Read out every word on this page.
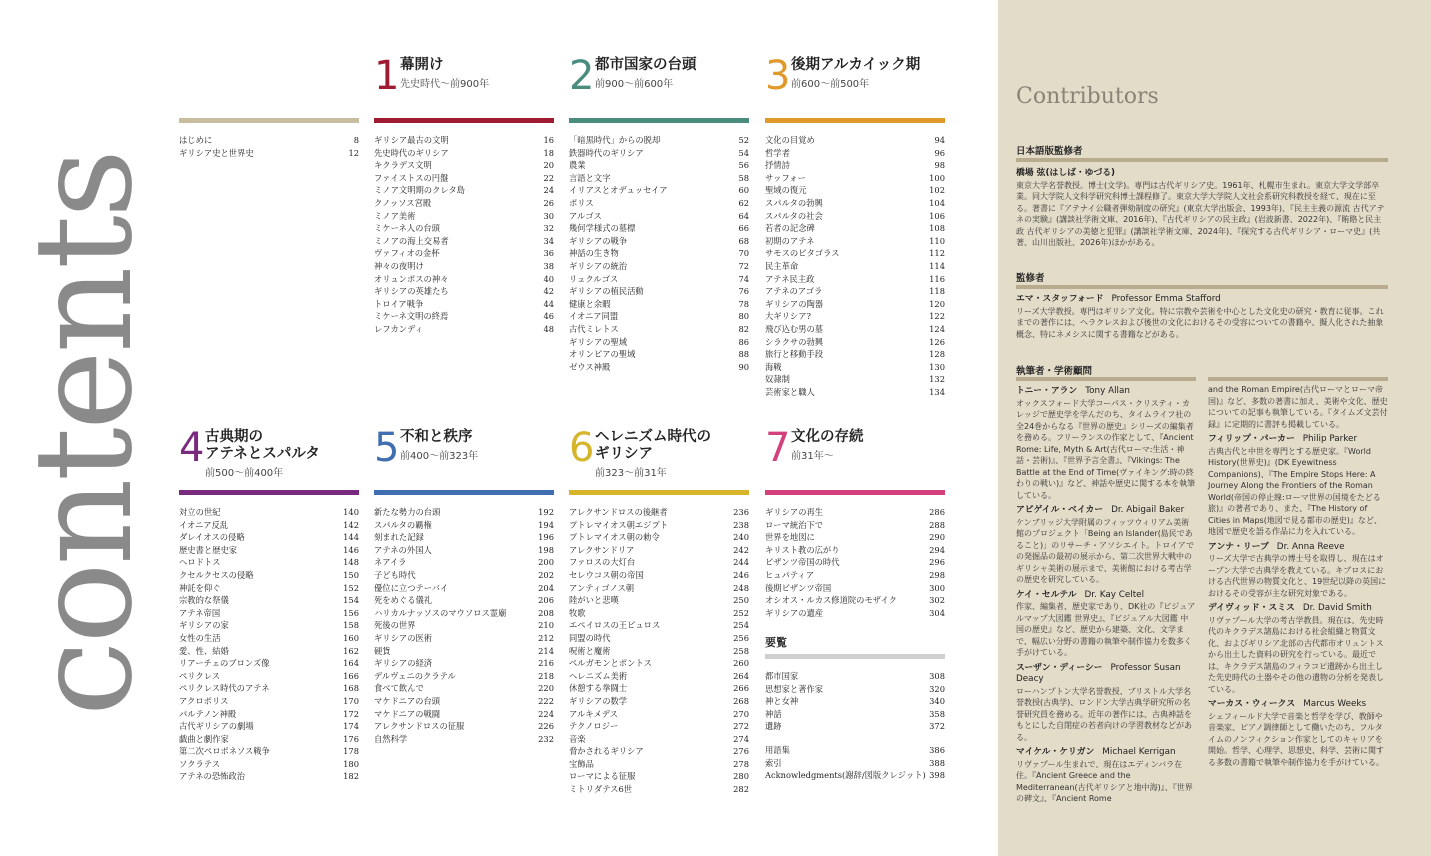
contents
はじめに	8
ギリシア史と世界史	12
1 幕開け
先史時代〜前900年
ギリシア最古の文明	16
先史時代のギリシア	18
キクラデス文明	20
ファイストスの円盤	22
ミノア文明期のクレタ島	24
クノッソス宮殿	26
ミノア美術	30
ミケーネ人の台頭	32
ミノアの海上交易者	34
ヴァフィオの金杯	36
神々の夜明け	38
オリュンポスの神々	40
ギリシアの英雄たち	42
トロイア戦争	44
ミケーネ文明の終焉	46
レフカンディ	48
2 都市国家の台頭
前900〜前600年
「暗黒時代」からの脱却	52
鉄器時代のギリシア	54
農業	56
言語と文字	58
イリアスとオデュッセイア	60
ポリス	62
アルゴス	64
幾何学様式の墓標	66
ギリシアの戦争	68
神話の生き物	70
ギリシアの統治	72
リュクルゴス	74
ギリシアの植民活動	76
健康と余暇	78
イオニア同盟	80
古代ミレトス	82
ギリシアの聖域	86
オリンピアの聖域	88
ゼウス神殿	90
3 後期アルカイック期
前600〜前500年
文化の目覚め	94
哲学者	96
抒情詩	98
サッフォー	100
聖域の復元	102
スパルタの勃興	104
スパルタの社会	106
若者の記念碑	108
初期のアテネ	110
サモスのピタゴラス	112
民主革命	114
アテネ民主政	116
アテネのアゴラ	118
ギリシアの陶器	120
大ギリシア?	122
飛び込む男の墓	124
シラクサの勃興	126
旅行と移動手段	128
海戦	130
奴隷制	132
芸術家と職人	134
4 古典期の
アテネとスパルタ
前500〜前400年
対立の世紀	140
イオニア反乱	142
ダレイオスの侵略	144
歴史書と歴史家	146
ヘロドトス	148
クセルクセスの侵略	150
神託を仰ぐ	152
宗教的な祭儀	154
アテネ帝国	156
ギリシアの家	158
女性の生活	160
愛、性、結婚	162
リアーチェのブロンズ像	164
ペリクレス	166
ペリクレス時代のアテネ	168
アクロポリス	170
パルテノン神殿	172
古代ギリシアの劇場	174
戯曲と劇作家	176
第二次ペロポネソス戦争	178
ソクラテス	180
アテネの恐怖政治	182
5 不和と秩序
前400〜前323年
新たな勢力の台頭	192
スパルタの覇権	194
刻まれた記録	196
アテネの外国人	198
ネアイラ	200
子ども時代	202
優位に立つテーバイ	204
死をめぐる儀礼	206
ハリカルナッソスのマウソロス霊廟	208
死後の世界	210
ギリシアの医術	212
硬貨	214
ギリシアの経済	216
デルヴェニのクラテル	218
食べて飲んで	220
マケドニアの台頭	222
マケドニアの戦闘	224
アレクサンドロスの征服	226
自然科学	232
6 ヘレニズム時代の
ギリシア
前323〜前31年
アレクサンドロスの後継者	236
プトレマイオス朝エジプト	238
プトレマイオス朝の勅令	240
アレクサンドリア	242
ファロスの大灯台	244
セレウコス朝の帝国	246
アンティゴノス朝	248
陸がいと悲嘆	250
牧歌	252
エペイロスの王ピュロス	254
同盟の時代	256
呪術と魔術	258
ペルガモンとポントス	260
ヘレニズム美術	264
休憩する拳闘士	266
ギリシアの数学	268
アルキメデス	270
テクノロジー	272
音楽	274
脅かされるギリシア	276
宝飾品	278
ローマによる征服	280
ミトリダテス6世	282
7 文化の存続
前31年〜
ギリシアの再生	286
ローマ統治下で	288
世界を地図に	290
キリスト教の広がり	294
ビザンツ帝国の時代	296
ヒュパティア	298
後期ビザンツ帝国	300
オシオス・ルカス修道院のモザイク	302
ギリシアの遺産	304
要覧
都市国家	308
思想家と著作家	320
神と女神	340
神話	358
遺跡	372
用語集	386
索引	388
Acknowledgments(謝辞/図版クレジット) 398
Contributors
日本語版監修者
橋場 弦(はしば・ゆづる)
東京大学名誉教授。博士(文学)。専門は古代ギリシア史。1961年、札幌市生まれ。東京大学文学部卒業。同大学院人文科学研究科博士課程修了。東京大学大学院人文社会系研究科教授を経て、現在に至る。著書に『アテナイ公職者弾劾制度の研究』(東京大学出版会、1993年)、『民主主義の源流 古代アテネの実験』(講談社学術文庫、2016年)、『古代ギリシアの民主政』(岩波新書、2022年)、『賄賂と民主政 古代ギリシアの美徳と犯罪』(講談社学術文庫、2024年)、『探究する古代ギリシア・ローマ史』(共著、山川出版社、2026年)ほかがある。
監修者
エマ・スタッフォード Professor Emma Stafford
リーズ大学教授。専門はギリシア文化。特に宗教や芸術を中心とした文化史の研究・教育に従事。これまでの著作には、ヘラクレスおよび後世の文化におけるその受容についての書籍や、擬人化された抽象概念、特にネメシスに関する書籍などがある。
執筆者・学術顧問
トニー・アラン Tony Allan
オックスフォード大学コーパス・クリスティ・カレッジで歴史学を学んだのち、タイムライフ社の全24巻からなる『世界の歴史』シリーズの編集者を務める。フリーランスの作家として、『Ancient Rome: Life, Myth & Art(古代ローマ:生活・神話・芸術)』、『世界予言全書』、『Vikings: The Battle at the End of Time(ヴァイキング:時の終わりの戦い)』など、神話や歴史に関する本を執筆している。
アビゲイル・ベイカー Dr. Abigail Baker
ケンブリッジ大学附属のフィッツウィリアム美術館のプロジェクト「Being an Islander(島民であること)」のリサーチ・アソシエイト。トロイアでの発掘品の最初の展示から、第二次世界大戦中のギリシャ美術の展示まで、美術館における考古学の歴史を研究している。
ケイ・セルテル Dr. Kay Celtel
作家、編集者、歴史家であり、DK社の『ビジュアルマップ大図鑑 世界史』、『ビジュアル大図鑑 中国の歴史』など、歴史から建築、文化、文学まで、幅広い分野の書籍の執筆や制作協力を数多く手がけている。
スーザン・ディーシー Professor Susan Deacy
ローハンプトン大学名誉教授、ブリストル大学名誉教授(古典学)、ロンドン大学古典学研究所の名誉研究員を務める。近年の著作には、古典神話をもとにした自閉症の若者向けの学習教材などがある。
マイケル・ケリガン Michael Kerrigan
リヴァプール生まれで、現在はエディンバラ在住。『Ancient Greece and the Mediterranean(古代ギリシアと地中海)』、『世界の碑文』、『Ancient Rome
and the Roman Empire(古代ローマとローマ帝国)』など、多数の著書に加え、美術や文化、歴史についての記事も執筆している。『タイムズ文芸付録』に定期的に書評も掲載している。
フィリップ・パーカー Philip Parker
古典古代と中世を専門とする歴史家。『World History(世界史)』(DK Eyewitness Companions)、『The Empire Stops Here: A Journey Along the Frontiers of the Roman World(帝国の停止線:ローマ世界の国境をたどる旅)』の著者であり、また、『The History of Cities in Maps(地図で見る都市の歴史)』など、地図で歴史を語る作品に力を入れている。
アンナ・リーブ Dr. Anna Reeve
リーズ大学で古典学の博士号を取得し、現在はオープン大学で古典学を教えている。キプロスにおける古代世界の物質文化と、19世紀以降の英国におけるその受容が主な研究対象である。
デイヴィッド・スミス Dr. David Smith
リヴァプール大学の考古学教員。現在は、先史時代のキクラデス諸島における社会組織と物質文化、およびギリシア北部の古代都市オリュントスから出土した資料の研究を行っている。最近では、キクラデス諸島のフィラコピ遺跡から出土した先史時代の土器やその他の遺物の分析を発表している。
マーカス・ウィークス Marcus Weeks
シェフィールド大学で音楽と哲学を学び、教師や音楽家、ピアノ調律師として働いたのち、フルタイムのノンフィクション作家としてのキャリアを開始。哲学、心理学、思想史、科学、芸術に関する多数の書籍で執筆や制作協力を手がけている。
